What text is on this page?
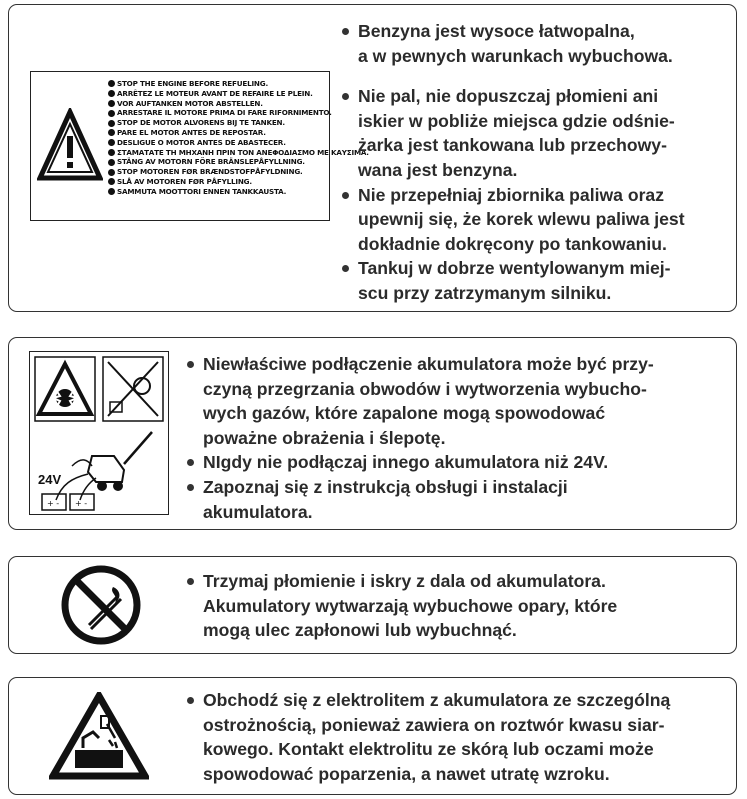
STOP THE ENGINE BEFORE REFUELING.
ARRÊTEZ LE MOTEUR AVANT DE REFAIRE LE PLEIN.
VOR AUFTANKEN MOTOR ABSTELLEN.
ARRESTARE IL MOTORE PRIMA DI FARE RIFORNIMENTO.
STOP DE MOTOR ALVORENS BIJ TE TANKEN.
PARE EL MOTOR ANTES DE REPOSTAR.
DESLIGUE O MOTOR ANTES DE ABASTECER.
ΣΤΑΜΑΤΑΤΕ ΤΗ ΜΗΧΑΝΗ ΠΡΙΝ ΤΟΝ ΑΝΕΦΟΔΙΑΣΜΟ ΜΕ ΚΑΥΣΙΜΑ.
STÄNG AV MOTORN FÖRE BRÄNSLEPÅFYLLNING.
STOP MOTOREN FØR BRÆNDSTOFPÅFYLDNING.
SLÅ AV MOTOREN FØR PÅFYLLING.
SAMMUTA MOOTTORI ENNEN TANKKAUSTA.
Benzyna jest wysoce łatwopalna,
a w pewnych warunkach wybuchowa.
Nie pal, nie dopuszczaj płomieni ani
iskier w pobliże miejsca gdzie odśnie-
żarka jest tankowana lub przechowy-
wana jest benzyna.
Nie przepełniaj zbiornika paliwa oraz
upewnij się, że korek wlewu paliwa jest
dokładnie dokręcony po tankowaniu.
Tankuj w dobrze wentylowanym miej-
scu przy zatrzymanym silniku.
+ - + -
24V
Niewłaściwe podłączenie akumulatora może być przy-
czyną przegrzania obwodów i wytworzenia wybucho-
wych gazów, które zapalone mogą spowodować
poważne obrażenia i ślepotę.
NIgdy nie podłączaj innego akumulatora niż 24V.
Zapoznaj się z instrukcją obsługi i instalacji
akumulatora.
Trzymaj płomienie i iskry z dala od akumulatora.
Akumulatory wytwarzają wybuchowe opary, które
mogą ulec zapłonowi lub wybuchnąć.
Obchodź się z elektrolitem z akumulatora ze szczególną
ostrożnością, ponieważ zawiera on roztwór kwasu siar-
kowego. Kontakt elektrolitu ze skórą lub oczami może
spowodować poparzenia, a nawet utratę wzroku.
